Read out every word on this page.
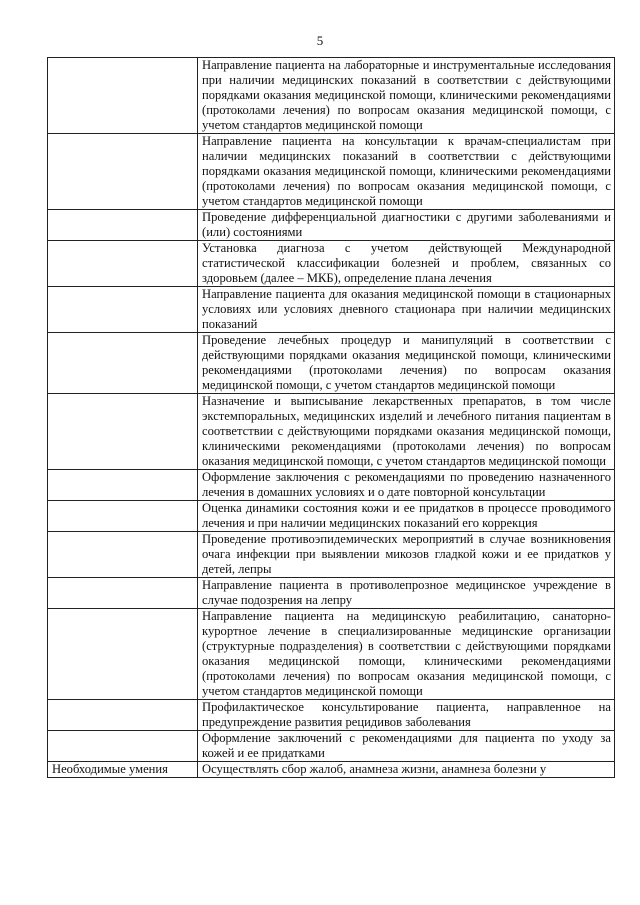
5
	Направление пациента на лабораторные и инструментальные исследования при наличии медицинских показаний в соответствии с действующими порядками оказания медицинской помощи, клиническими рекомендациями (протоколами лечения) по вопросам оказания медицинской помощи, с учетом стандартов медицинской помощи
	Направление пациента на консультации к врачам-специалистам при наличии медицинских показаний в соответствии с действующими порядками оказания медицинской помощи, клиническими рекомендациями (протоколами лечения) по вопросам оказания медицинской помощи, с учетом стандартов медицинской помощи
	Проведение дифференциальной диагностики с другими заболеваниями и (или) состояниями
	Установка диагноза с учетом действующей Международной статистической классификации болезней и проблем, связанных со здоровьем (далее – МКБ), определение плана лечения
	Направление пациента для оказания медицинской помощи в стационарных условиях или условиях дневного стационара при наличии медицинских показаний
	Проведение лечебных процедур и манипуляций в соответствии с действующими порядками оказания медицинской помощи, клиническими рекомендациями (протоколами лечения) по вопросам оказания медицинской помощи, с учетом стандартов медицинской помощи
	Назначение и выписывание лекарственных препаратов, в том числе экстемпоральных, медицинских изделий и лечебного питания пациентам в соответствии с действующими порядками оказания медицинской помощи, клиническими рекомендациями (протоколами лечения) по вопросам оказания медицинской помощи, с учетом стандартов медицинской помощи
	Оформление заключения с рекомендациями по проведению назначенного лечения в домашних условиях и о дате повторной консультации
	Оценка динамики состояния кожи и ее придатков в процессе проводимого лечения и при наличии медицинских показаний его коррекция
	Проведение противоэпидемических мероприятий в случае возникновения очага инфекции при выявлении микозов гладкой кожи и ее придатков у детей, лепры
	Направление пациента в противолепрозное медицинское учреждение в случае подозрения на лепру
	Направление пациента на медицинскую реабилитацию, санаторно-курортное лечение в специализированные медицинские организации (структурные подразделения) в соответствии с действующими порядками оказания медицинской помощи, клиническими рекомендациями (протоколами лечения) по вопросам оказания медицинской помощи, с учетом стандартов медицинской помощи
	Профилактическое консультирование пациента, направленное на предупреждение развития рецидивов заболевания
	Оформление заключений с рекомендациями для пациента по уходу за кожей и ее придатками
Необходимые умения	Осуществлять сбор жалоб, анамнеза жизни, анамнеза болезни у
